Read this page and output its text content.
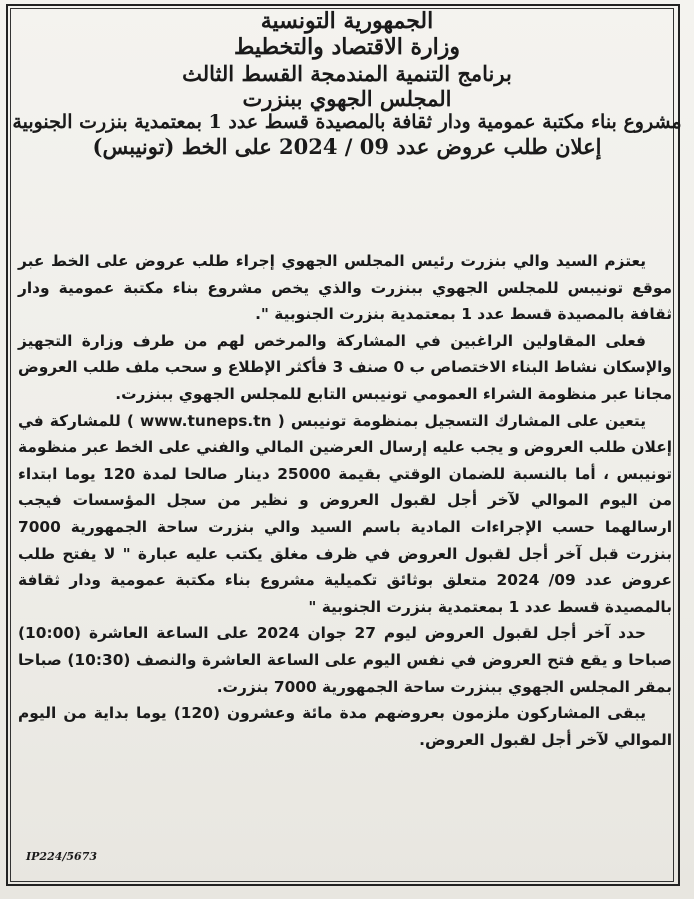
الجمهورية التونسية
وزارة الاقتصاد والتخطيط
برنامج التنمية المندمجة القسط الثالث
المجلس الجهوي ببنزرت
مشروع بناء مكتبة عمومية ودار ثقافة بالمصيدة قسط عدد 1 بمعتمدية بنزرت الجنوبية
إعلان طلب عروض عدد 09 / 2024 على الخط (تونيبس)

يعتزم السيد والي بنزرت رئيس المجلس الجهوي إجراء طلب عروض على الخط عبر موقع تونيبس للمجلس الجهوي ببنزرت والذي يخص مشروع بناء مكتبة عمومية ودار ثقافة بالمصيدة قسط عدد 1 بمعتمدية بنزرت الجنوبية ".

فعلى المقاولين الراغبين في المشاركة والمرخص لهم من طرف وزارة التجهيز والإسكان نشاط البناء الاختصاص ب 0 صنف 3 فأكثر الإطلاع و سحب ملف طلب العروض مجانا عبر منظومة الشراء العمومي تونيبس التابع للمجلس الجهوي ببنزرت.

يتعين على المشارك التسجيل بمنظومة تونيبس ( www.tuneps.tn ) للمشاركة في إعلان طلب العروض و يجب عليه إرسال العرضين المالي والفني على الخط عبر منظومة تونيبس ، أما بالنسبة للضمان الوقتي بقيمة 25000 دينار صالحا لمدة 120 يوما ابتداء من اليوم الموالي لآخر أجل لقبول العروض و نظير من سجل المؤسسات فيجب ارسالهما حسب الإجراءات المادية باسم السيد والي بنزرت ساحة الجمهورية 7000 بنزرت قبل آخر أجل لقبول العروض في ظرف مغلق يكتب عليه عبارة " لا يفتح طلب عروض عدد 09/ 2024 متعلق بوثائق تكميلية مشروع بناء مكتبة عمومية ودار ثقافة بالمصيدة قسط عدد 1 بمعتمدية بنزرت الجنوبية "

حدد آخر أجل لقبول العروض ليوم 27 جوان 2024 على الساعة العاشرة (10:00) صباحا و يقع فتح العروض في نفس اليوم على الساعة العاشرة والنصف (10:30) صباحا بمقر المجلس الجهوي ببنزرت ساحة الجمهورية 7000 بنزرت.

يبقى المشاركون ملزمون بعروضهم مدة مائة وعشرون (120) يوما بداية من اليوم الموالي لآخر أجل لقبول العروض.

IP224/5673
